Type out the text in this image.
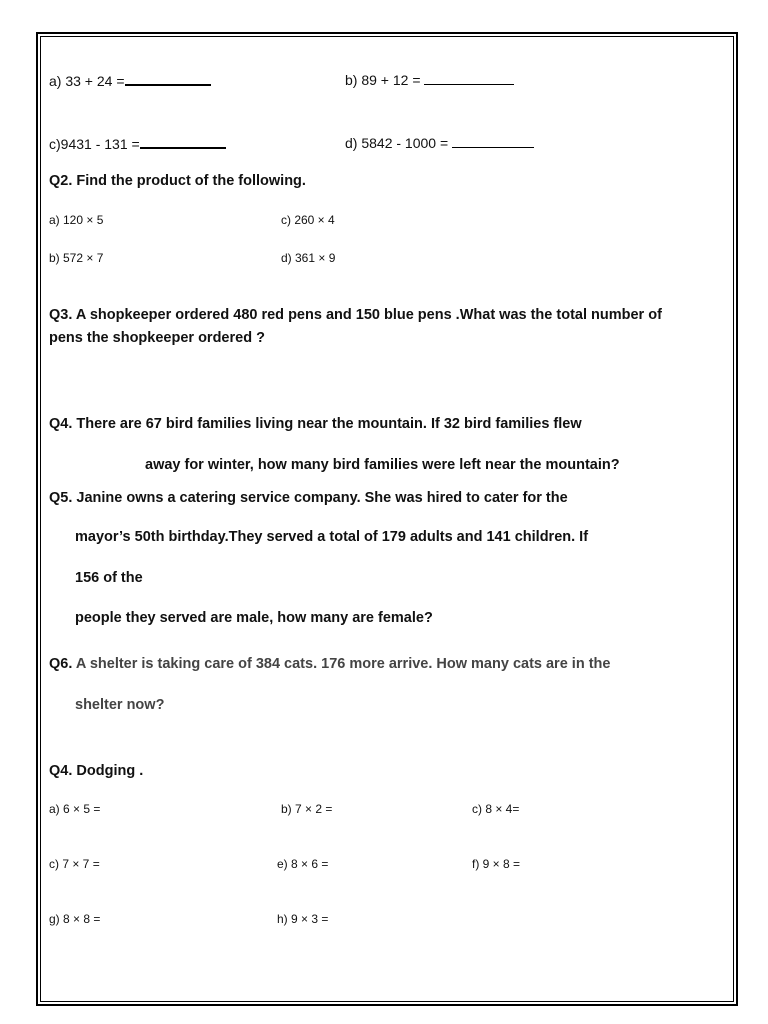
a) 33 + 24 =	b) 89 + 12 =
c)9431 - 131 =	d) 5842 - 1000 =
Q2. Find the product of the following.
a) 120 × 5	c) 260 × 4
b) 572 × 7	d) 361 × 9
Q3. A shopkeeper ordered 480 red pens and 150 blue pens .What was the total number of
pens the shopkeeper ordered ?
Q4. There are 67 bird families living near the mountain. If 32 bird families flew
away for winter, how many bird families were left near the mountain?
Q5. Janine owns a catering service company. She was hired to cater for the
mayor’s 50th birthday.They served a total of 179 adults and 141 children. If
156 of the
people they served are male, how many are female?
Q6. A shelter is taking care of 384 cats. 176 more arrive. How many cats are in the
shelter now?
Q4. Dodging .
a) 6 × 5 =	b) 7 × 2 =	c) 8 × 4=
c) 7 × 7 =	e) 8 × 6 =	f) 9 × 8 =
g) 8 × 8 =	h) 9 × 3 =
